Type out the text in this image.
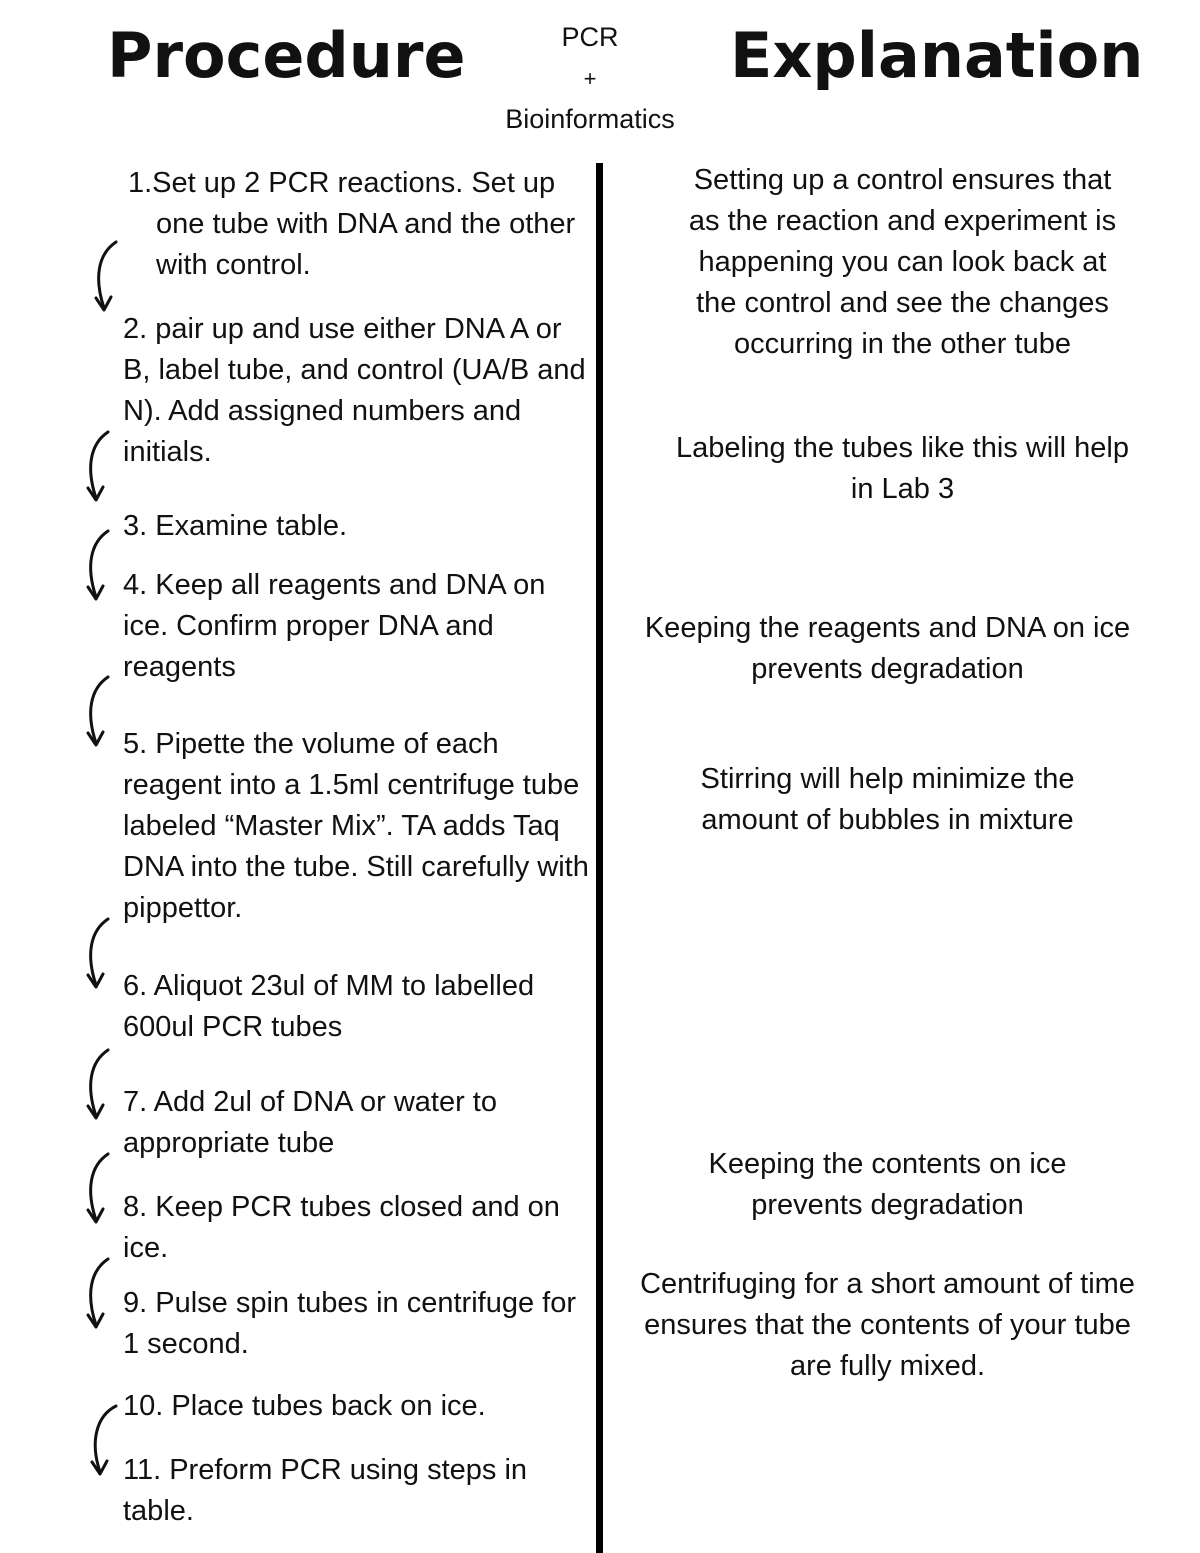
Procedure	PCR
+
Bioinformatics
Explanation
1.Set up 2 PCR reactions. Set up one tube with DNA and the other with control.
2. pair up and use either DNA A or B, label tube, and control (UA/B and N). Add assigned numbers and initials.
3. Examine table.
4. Keep all reagents and DNA on ice. Confirm proper DNA and reagents
5. Pipette the volume of each reagent into a 1.5ml centrifuge tube labeled “Master Mix”. TA adds Taq DNA into the tube. Still carefully with pippettor.
6. Aliquot 23ul of MM to labelled 600ul PCR tubes
7. Add 2ul of DNA or water to appropriate tube
8. Keep PCR tubes closed and on ice.
9. Pulse spin tubes in centrifuge for 1 second.
10. Place tubes back on ice.
11. Preform PCR using steps in table.
Setting up a control ensures that as the reaction and experiment is happening you can look back at the control and see the changes occurring in the other tube
Labeling the tubes like this will help in Lab 3
Keeping the reagents and DNA on ice prevents degradation
Stirring will help minimize the amount of bubbles in mixture
Keeping the contents on ice prevents degradation
Centrifuging for a short amount of time ensures that the contents of your tube are fully mixed.
